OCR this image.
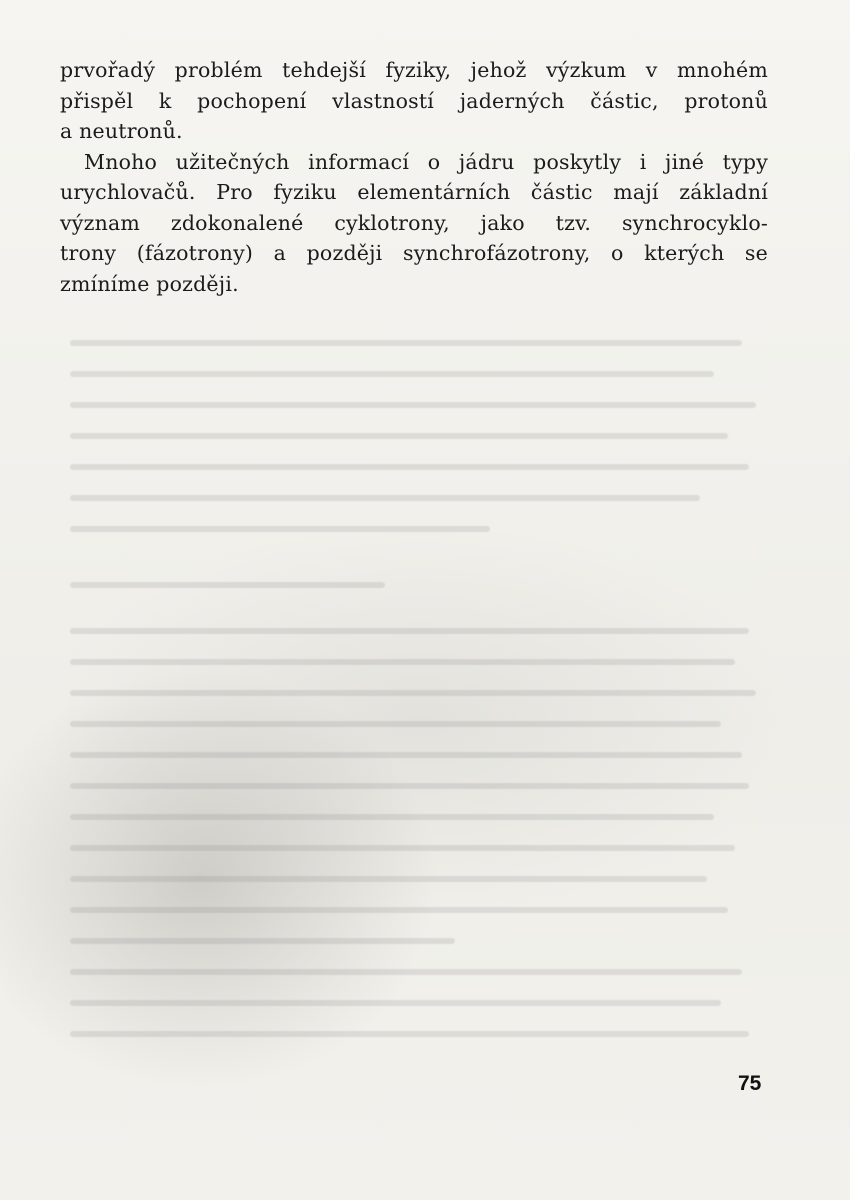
prvořadý problém tehdejší fyziky, jehož výzkum v mnohém
přispěl k pochopení vlastností jaderných částic, protonů
a neutronů.
Mnoho užitečných informací o jádru poskytly i jiné typy
urychlovačů. Pro fyziku elementárních částic mají základní
význam zdokonalené cyklotrony, jako tzv. synchrocyklo-
trony (fázotrony) a později synchrofázotrony, o kterých se
zmíníme později.
75
